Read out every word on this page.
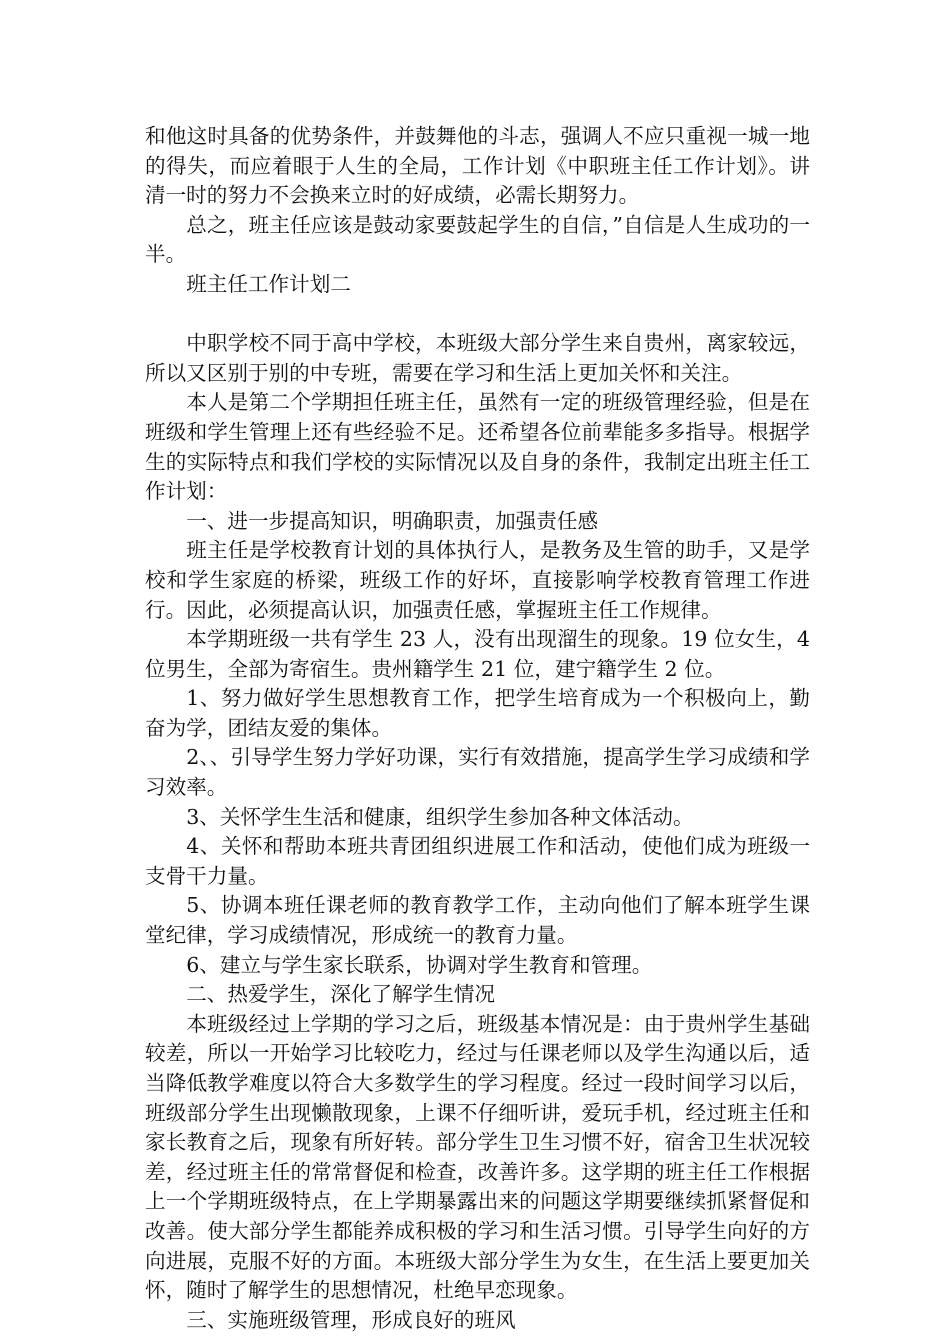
和他这时具备的优势条件，并鼓舞他的斗志，强调人不应只重视一城一地的得失，而应着眼于人生的全局，工作计划《中职班主任工作计划》。讲清一时的努力不会换来立时的好成绩，必需长期努力。

总之，班主任应该是鼓动家要鼓起学生的自信，”自信是人生成功的一半。

班主任工作计划二

中职学校不同于高中学校，本班级大部分学生来自贵州，离家较远，所以又区别于别的中专班，需要在学习和生活上更加关怀和关注。

本人是第二个学期担任班主任，虽然有一定的班级管理经验，但是在班级和学生管理上还有些经验不足。还希望各位前辈能多多指导。根据学生的实际特点和我们学校的实际情况以及自身的条件，我制定出班主任工作计划：

一、进一步提高知识，明确职责，加强责任感

班主任是学校教育计划的具体执行人，是教务及生管的助手，又是学校和学生家庭的桥梁，班级工作的好坏，直接影响学校教育管理工作进行。因此，必须提高认识，加强责任感，掌握班主任工作规律。

本学期班级一共有学生 23 人，没有出现溜生的现象。19 位女生，4 位男生，全部为寄宿生。贵州籍学生 21 位，建宁籍学生 2 位。

1、努力做好学生思想教育工作，把学生培育成为一个积极向上，勤奋为学，团结友爱的集体。

2、、引导学生努力学好功课，实行有效措施，提高学生学习成绩和学习效率。

3、关怀学生生活和健康，组织学生参加各种文体活动。

4、关怀和帮助本班共青团组织进展工作和活动，使他们成为班级一支骨干力量。

5、协调本班任课老师的教育教学工作，主动向他们了解本班学生课堂纪律，学习成绩情况，形成统一的教育力量。

6、建立与学生家长联系，协调对学生教育和管理。

二、热爱学生，深化了解学生情况

本班级经过上学期的学习之后，班级基本情况是：由于贵州学生基础较差，所以一开始学习比较吃力，经过与任课老师以及学生沟通以后，适当降低教学难度以符合大多数学生的学习程度。经过一段时间学习以后，班级部分学生出现懒散现象，上课不仔细听讲，爱玩手机，经过班主任和家长教育之后，现象有所好转。部分学生卫生习惯不好，宿舍卫生状况较差，经过班主任的常常督促和检查，改善许多。这学期的班主任工作根据上一个学期班级特点，在上学期暴露出来的问题这学期要继续抓紧督促和改善。使大部分学生都能养成积极的学习和生活习惯。引导学生向好的方向进展，克服不好的方面。本班级大部分学生为女生，在生活上要更加关怀，随时了解学生的思想情况，杜绝早恋现象。

三、实施班级管理，形成良好的班风
